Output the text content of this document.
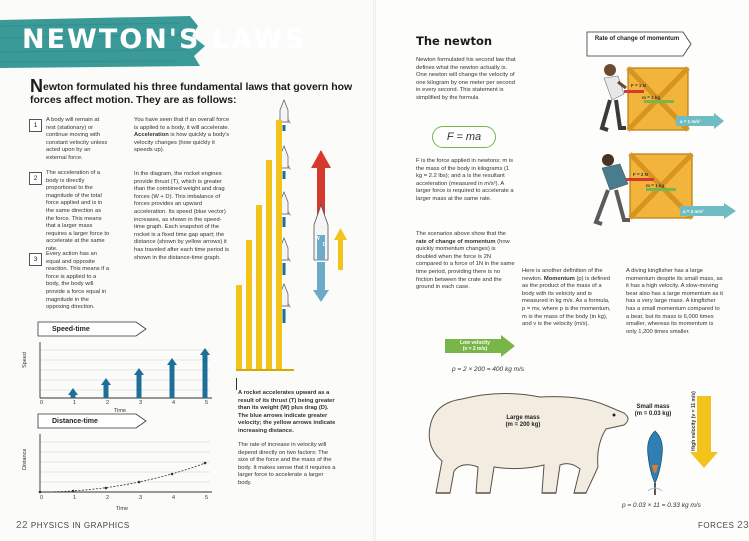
NEWTON'S LAWS
Newton formulated his three fundamental laws that govern how forces affect motion. They are as follows:
1
A body will remain at rest (stationary) or continue moving with constant velocity unless acted upon by an external force.
2
The acceleration of a body is directly proportional to the magnitude of the total force applied and is in the same direction as the force. This means that a larger mass requires a larger force to accelerate at the same rate.
3
Every action has an equal and opposite reaction. This means if a force is applied to a body, the body will provide a force equal in magnitude in the opposing direction.
You have seen that if an overall force is applied to a body, it will accelerate. Acceleration is how quickly a body's velocity changes (how quickly it speeds up).
In the diagram, the rocket engines provide thrust (T), which is greater than the combined weight and drag forces (W + D). This imbalance of forces provides an upward acceleration. Its speed (blue vector) increases, as shown in the speed-time graph. Each snapshot of the rocket is a fixed time gap apart; the distance (shown by yellow arrows) it has traveled after each time period is shown in the distance-time graph.
Speed-time
Speed
Time
0	1	2	3	4	5
Distance-time
Distance
Time
0	1	2	3	4	5
W
D
A rocket accelerates upward as a result of its thrust (T) being greater than its weight (W) plus drag (D). The blue arrows indicate greater velocity; the yellow arrows indicate increasing distance.
The rate of increase in velocity will depend directly on two factors: The size of the force and the mass of the body. It makes sense that it requires a larger force to accelerate a larger body.
22 PHYSICS IN GRAPHICS
The newton
Newton formulated his second law that defines what the newton actually is. One newton will change the velocity of one kilogram by one meter per second in every second. This statement is simplified by the formula
F = ma
F is the force applied in newtons; m is the mass of the body in kilograms (1 kg = 2.2 lbs); and a is the resultant acceleration (measured in m/s²). A larger force is required to accelerate a larger mass at the same rate.
The scenarios above show that the rate of change of momentum (how quickly momentum changes) is doubled when the force is 2N compared to a force of 1N in the same time period, providing there is no friction between the crate and the ground in each case.
Rate of change of momentum
F = 1 N
m = 1 kg
a = 1 m/s²
F = 2 N
m = 1 kg
a = 2 m/s²
Here is another definition of the newton. Momentum (p) is defined as the product of the mass of a body with its velocity and is measured in kg m/s. As a formula, p = mv, where p is the momentum, m is the mass of the body (in kg), and v is the velocity (m/s).
A diving kingfisher has a large momentum despite its small mass, as it has a high velocity. A slow-moving bear also has a large momentum as it has a very large mass. A kingfisher has a small momentum compared to a bear, but its mass is 6,000 times smaller, whereas its momentum is only 1,200 times smaller.
Low velocity
(v = 2 m/s)
p = 2 × 200 = 400 kg m/s
Large mass
(m = 200 kg)
Small mass
(m = 0.03 kg)
High velocity (v = 11 m/s)
p = 0.03 × 11 = 0.33 kg m/s
FORCES 23
